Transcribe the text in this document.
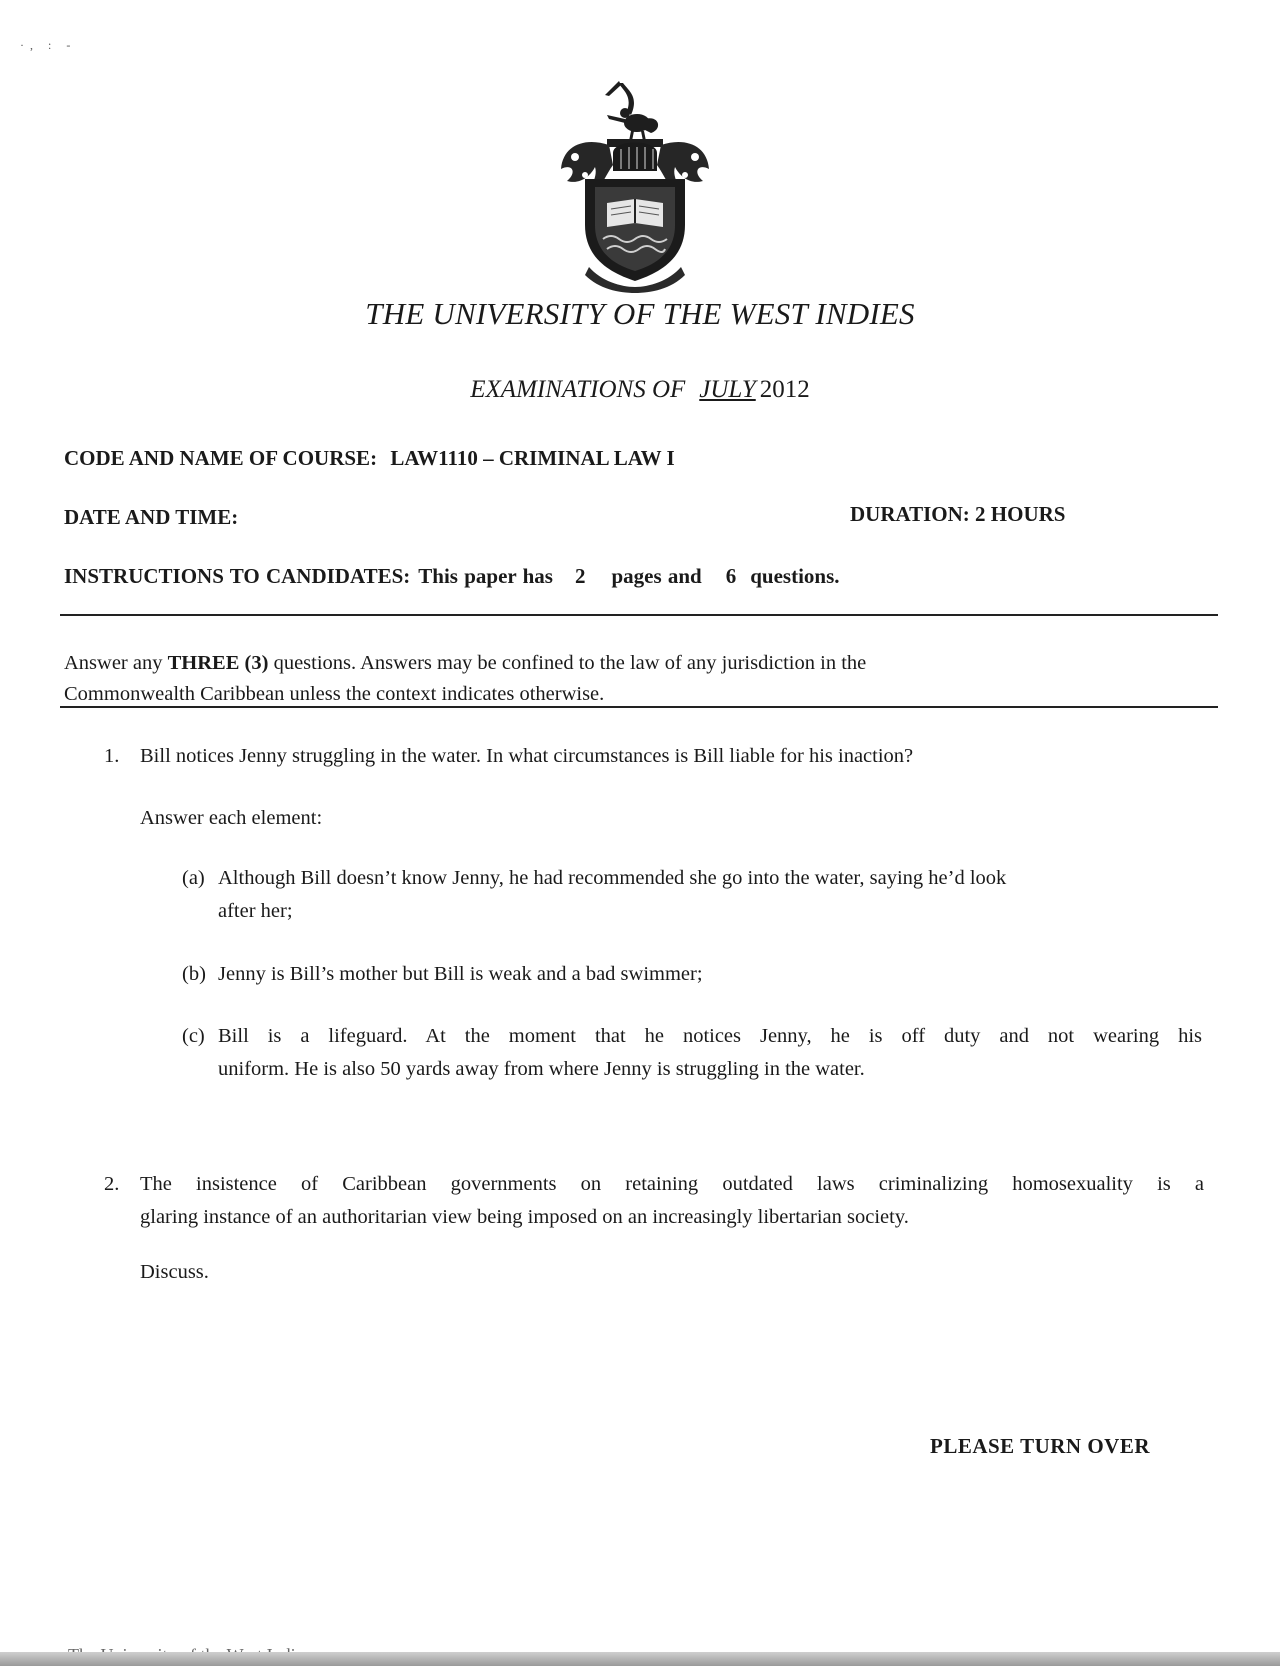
·, : ‐
THE UNIVERSITY OF THE WEST INDIES
EXAMINATIONS OF JULY 2012
CODE AND NAME OF COURSE: LAW1110 – CRIMINAL LAW I
DATE AND TIME:	DURATION: 2 HOURS
INSTRUCTIONS TO CANDIDATES: This paper has 2 pages and 6 questions.
Answer any THREE (3) questions. Answers may be confined to the law of any jurisdiction in the
Commonwealth Caribbean unless the context indicates otherwise.
1. Bill notices Jenny struggling in the water. In what circumstances is Bill liable for his inaction?
Answer each element:
(a) Although Bill doesn’t know Jenny, he had recommended she go into the water, saying he’d look
after her;
(b) Jenny is Bill’s mother but Bill is weak and a bad swimmer;
(c) Bill is a lifeguard. At the moment that he notices Jenny, he is off duty and not wearing his
uniform. He is also 50 yards away from where Jenny is struggling in the water.
2. The insistence of Caribbean governments on retaining outdated laws criminalizing homosexuality is a
glaring instance of an authoritarian view being imposed on an increasingly libertarian society.
Discuss.
PLEASE TURN OVER
